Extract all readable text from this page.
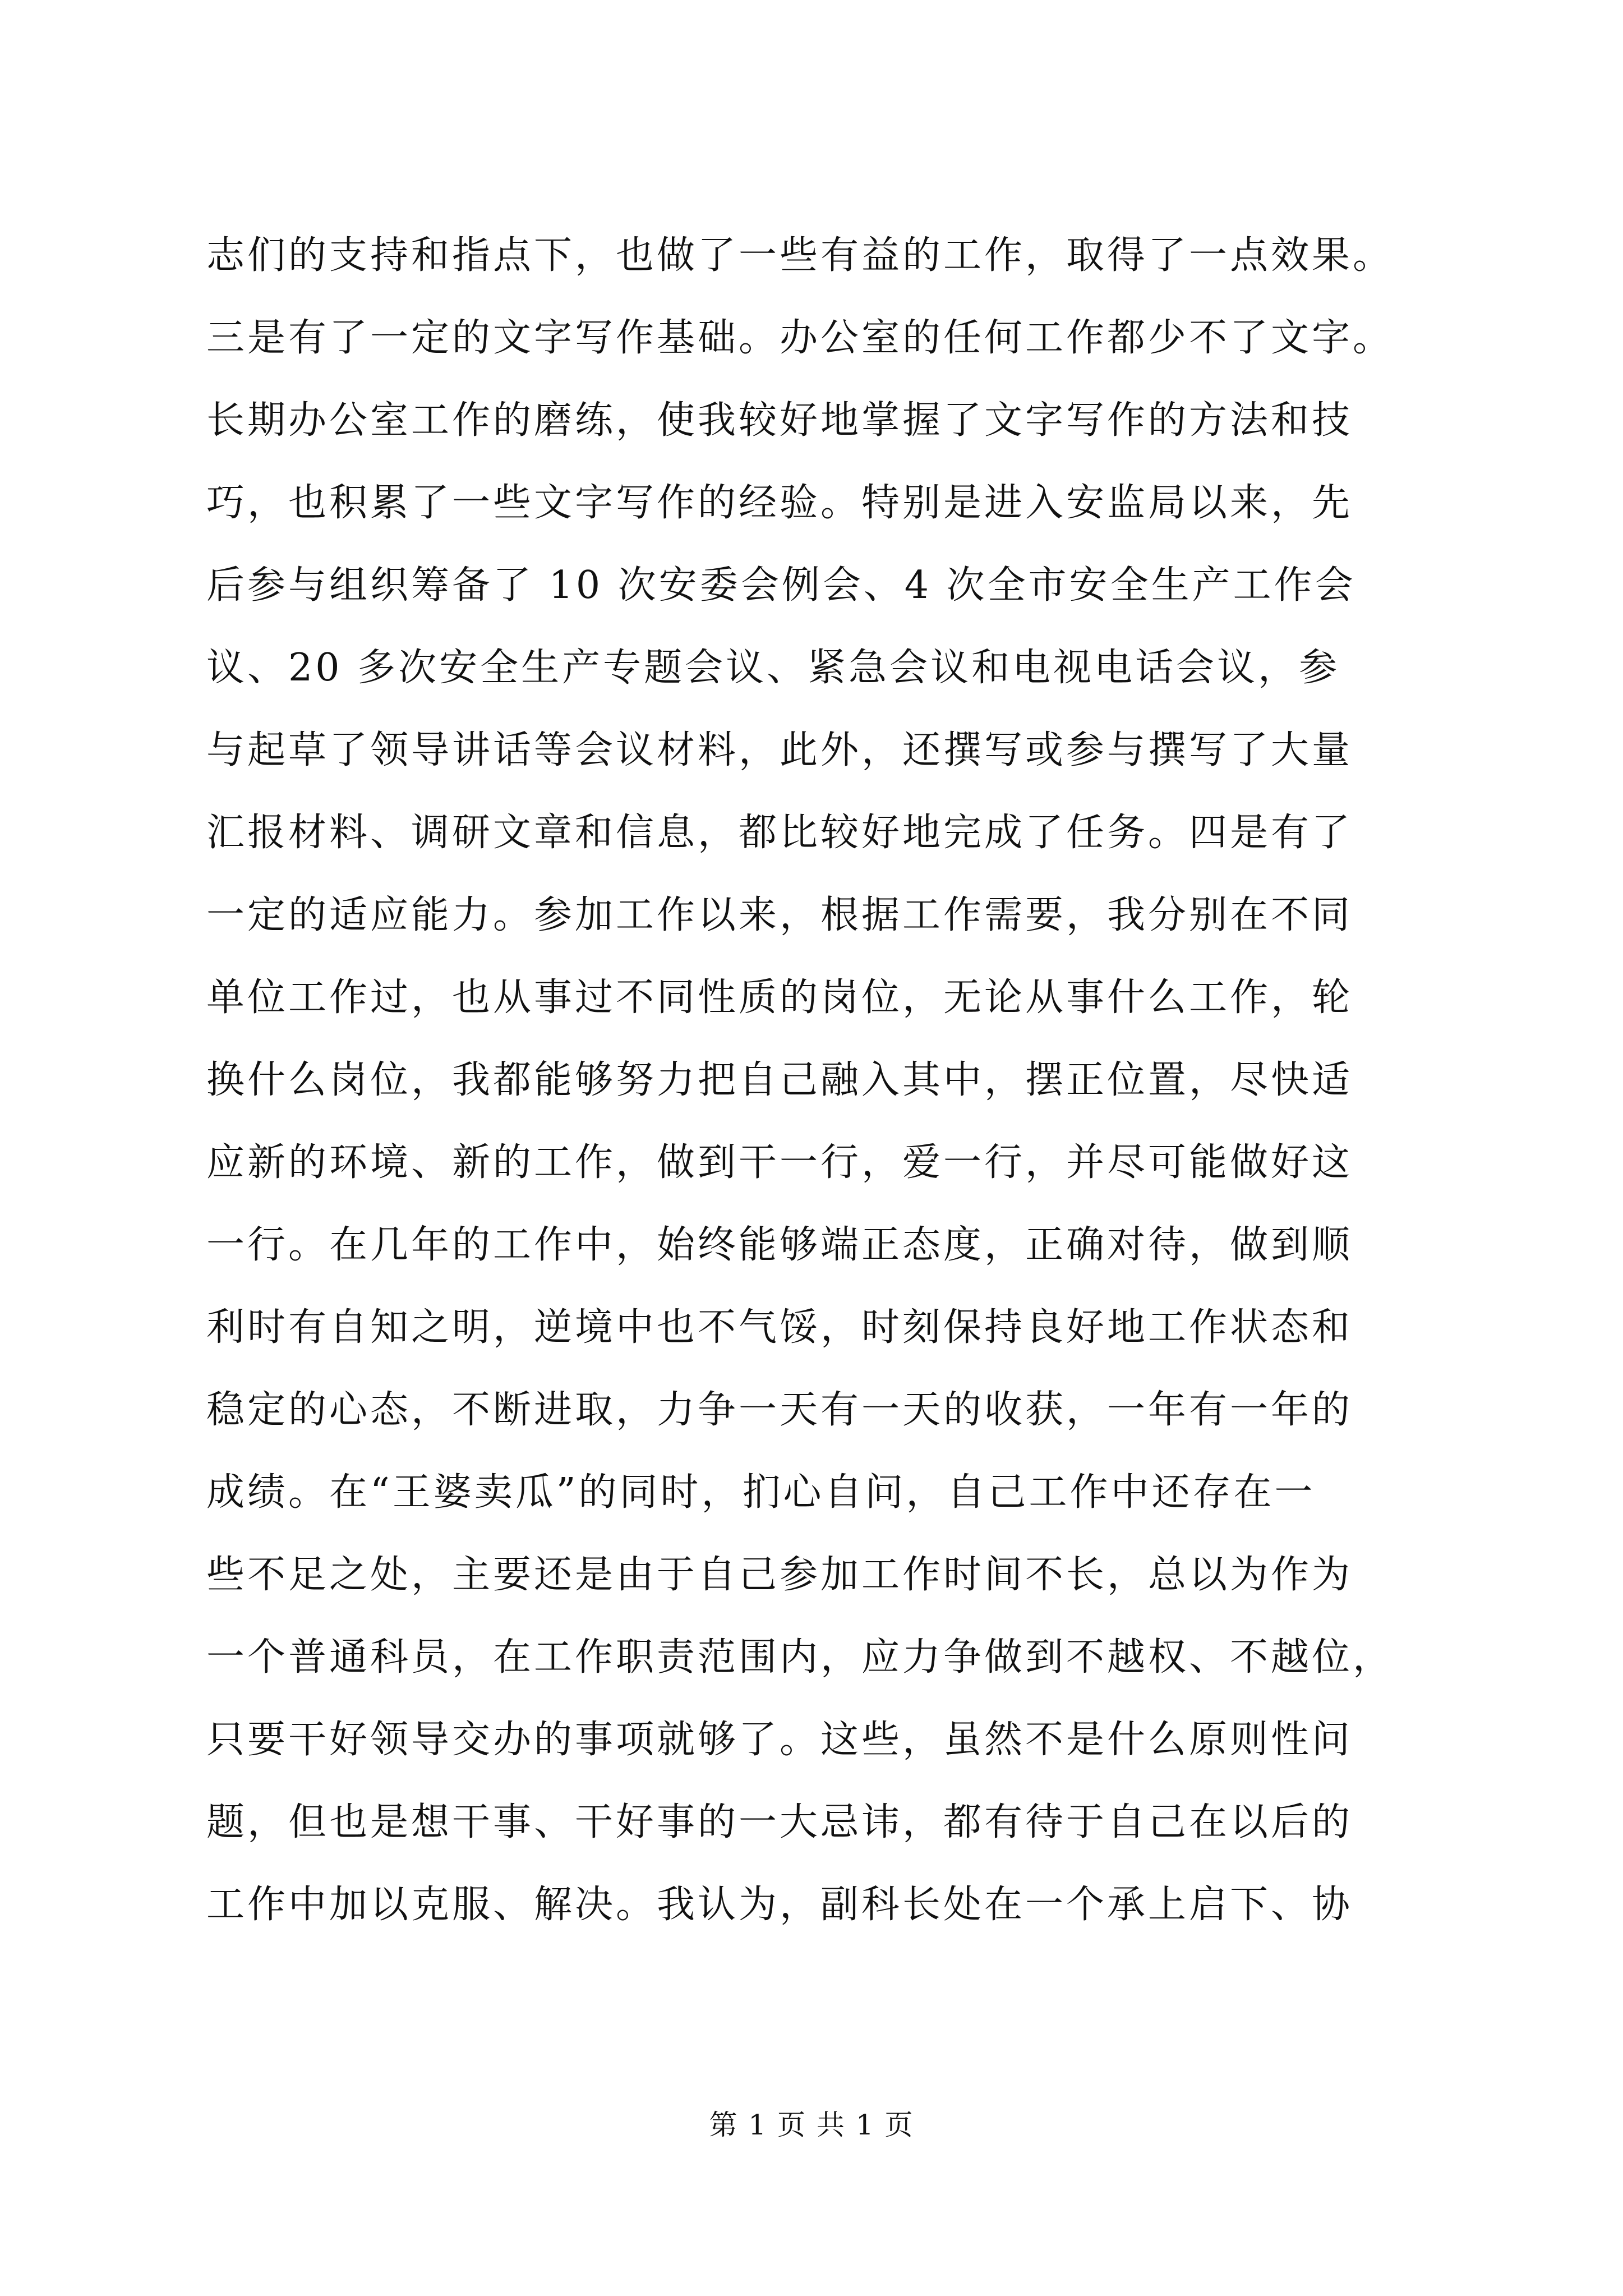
志们的支持和指点下，也做了一些有益的工作，取得了一点效果。
三是有了一定的文字写作基础。办公室的任何工作都少不了文字。
长期办公室工作的磨练，使我较好地掌握了文字写作的方法和技
巧，也积累了一些文字写作的经验。特别是进入安监局以来，先
后参与组织筹备了 10 次安委会例会、4 次全市安全生产工作会
议、20 多次安全生产专题会议、紧急会议和电视电话会议，参
与起草了领导讲话等会议材料，此外，还撰写或参与撰写了大量
汇报材料、调研文章和信息，都比较好地完成了任务。四是有了
一定的适应能力。参加工作以来，根据工作需要，我分别在不同
单位工作过，也从事过不同性质的岗位，无论从事什么工作，轮
换什么岗位，我都能够努力把自己融入其中，摆正位置，尽快适
应新的环境、新的工作，做到干一行，爱一行，并尽可能做好这
一行。在几年的工作中，始终能够端正态度，正确对待，做到顺
利时有自知之明，逆境中也不气馁，时刻保持良好地工作状态和
稳定的心态，不断进取，力争一天有一天的收获，一年有一年的
成绩。在“王婆卖瓜”的同时，扪心自问，自己工作中还存在一
些不足之处，主要还是由于自己参加工作时间不长，总以为作为
一个普通科员，在工作职责范围内，应力争做到不越权、不越位，
只要干好领导交办的事项就够了。这些，虽然不是什么原则性问
题，但也是想干事、干好事的一大忌讳，都有待于自己在以后的
工作中加以克服、解决。我认为，副科长处在一个承上启下、协
第 1 页 共 1 页
